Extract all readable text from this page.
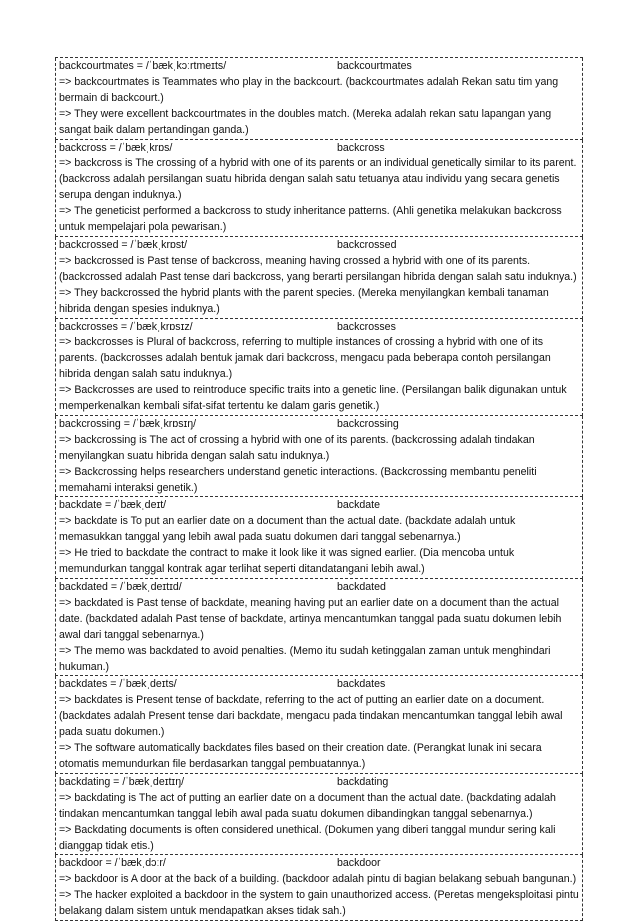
backcourtmates = /ˈbækˌkɔːrtmeɪts/	backcourtmates
=> backcourtmates is Teammates who play in the backcourt. (backcourtmates adalah Rekan satu tim yang bermain di backcourt.)
=> They were excellent backcourtmates in the doubles match. (Mereka adalah rekan satu lapangan yang sangat baik dalam pertandingan ganda.)
backcross = /ˈbækˌkrɒs/	backcross
=> backcross is The crossing of a hybrid with one of its parents or an individual genetically similar to its parent. (backcross adalah persilangan suatu hibrida dengan salah satu tetuanya atau individu yang secara genetis serupa dengan induknya.)
=> The geneticist performed a backcross to study inheritance patterns. (Ahli genetika melakukan backcross untuk mempelajari pola pewarisan.)
backcrossed = /ˈbækˌkrɒst/	backcrossed
=> backcrossed is Past tense of backcross, meaning having crossed a hybrid with one of its parents. (backcrossed adalah Past tense dari backcross, yang berarti persilangan hibrida dengan salah satu induknya.)
=> They backcrossed the hybrid plants with the parent species. (Mereka menyilangkan kembali tanaman hibrida dengan spesies induknya.)
backcrosses = /ˈbækˌkrɒsɪz/	backcrosses
=> backcrosses is Plural of backcross, referring to multiple instances of crossing a hybrid with one of its parents. (backcrosses adalah bentuk jamak dari backcross, mengacu pada beberapa contoh persilangan hibrida dengan salah satu induknya.)
=> Backcrosses are used to reintroduce specific traits into a genetic line. (Persilangan balik digunakan untuk memperkenalkan kembali sifat-sifat tertentu ke dalam garis genetik.)
backcrossing = /ˈbækˌkrɒsɪŋ/	backcrossing
=> backcrossing is The act of crossing a hybrid with one of its parents. (backcrossing adalah tindakan menyilangkan suatu hibrida dengan salah satu induknya.)
=> Backcrossing helps researchers understand genetic interactions. (Backcrossing membantu peneliti memahami interaksi genetik.)
backdate = /ˈbækˌdeɪt/	backdate
=> backdate is To put an earlier date on a document than the actual date. (backdate adalah untuk memasukkan tanggal yang lebih awal pada suatu dokumen dari tanggal sebenarnya.)
=> He tried to backdate the contract to make it look like it was signed earlier. (Dia mencoba untuk memundurkan tanggal kontrak agar terlihat seperti ditandatangani lebih awal.)
backdated = /ˈbækˌdeɪtɪd/	backdated
=> backdated is Past tense of backdate, meaning having put an earlier date on a document than the actual date. (backdated adalah Past tense of backdate, artinya mencantumkan tanggal pada suatu dokumen lebih awal dari tanggal sebenarnya.)
=> The memo was backdated to avoid penalties. (Memo itu sudah ketinggalan zaman untuk menghindari hukuman.)
backdates = /ˈbækˌdeɪts/	backdates
=> backdates is Present tense of backdate, referring to the act of putting an earlier date on a document. (backdates adalah Present tense dari backdate, mengacu pada tindakan mencantumkan tanggal lebih awal pada suatu dokumen.)
=> The software automatically backdates files based on their creation date. (Perangkat lunak ini secara otomatis memundurkan file berdasarkan tanggal pembuatannya.)
backdating = /ˈbækˌdeɪtɪŋ/	backdating
=> backdating is The act of putting an earlier date on a document than the actual date. (backdating adalah tindakan mencantumkan tanggal lebih awal pada suatu dokumen dibandingkan tanggal sebenarnya.)
=> Backdating documents is often considered unethical. (Dokumen yang diberi tanggal mundur sering kali dianggap tidak etis.)
backdoor = /ˈbækˌdɔːr/	backdoor
=> backdoor is A door at the back of a building. (backdoor adalah pintu di bagian belakang sebuah bangunan.)
=> The hacker exploited a backdoor in the system to gain unauthorized access. (Peretas mengeksploitasi pintu belakang dalam sistem untuk mendapatkan akses tidak sah.)
